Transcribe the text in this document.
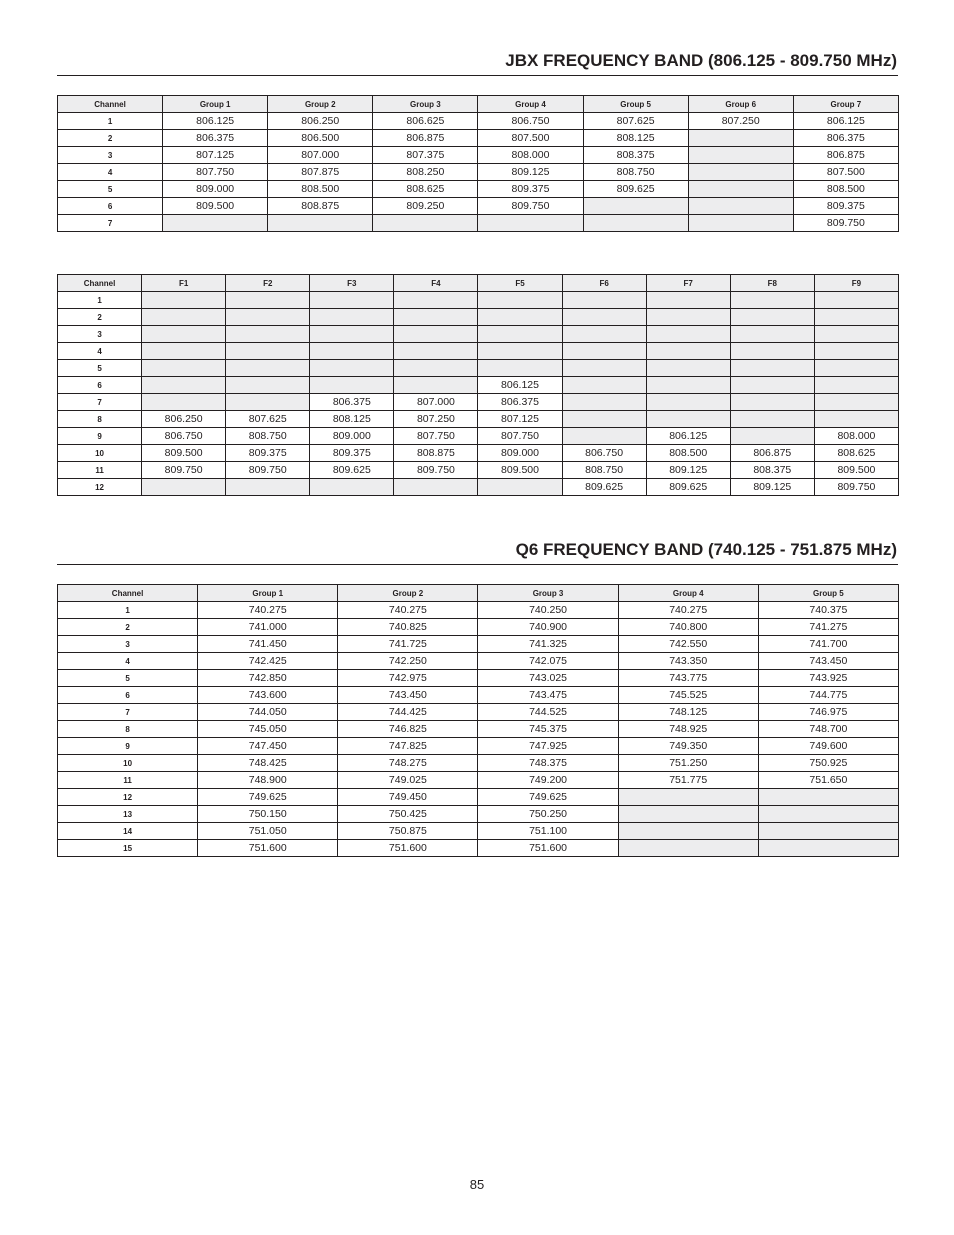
JBX FREQUENCY BAND (806.125 - 809.750 MHz)
Channel	Group 1	Group 2	Group 3	Group 4	Group 5	Group 6	Group 7
1	806.125	806.250	806.625	806.750	807.625	807.250	806.125
2	806.375	806.500	806.875	807.500	808.125		806.375
3	807.125	807.000	807.375	808.000	808.375		806.875
4	807.750	807.875	808.250	809.125	808.750		807.500
5	809.000	808.500	808.625	809.375	809.625		808.500
6	809.500	808.875	809.250	809.750			809.375
7							809.750
Channel	F1	F2	F3	F4	F5	F6	F7	F8	F9
1									
2									
3									
4									
5									
6					806.125				
7			806.375	807.000	806.375				
8	806.250	807.625	808.125	807.250	807.125				
9	806.750	808.750	809.000	807.750	807.750		806.125		808.000
10	809.500	809.375	809.375	808.875	809.000	806.750	808.500	806.875	808.625
11	809.750	809.750	809.625	809.750	809.500	808.750	809.125	808.375	809.500
12						809.625	809.625	809.125	809.750
Q6 FREQUENCY BAND (740.125 - 751.875 MHz)
Channel	Group 1	Group 2	Group 3	Group 4	Group 5
1	740.275	740.275	740.250	740.275	740.375
2	741.000	740.825	740.900	740.800	741.275
3	741.450	741.725	741.325	742.550	741.700
4	742.425	742.250	742.075	743.350	743.450
5	742.850	742.975	743.025	743.775	743.925
6	743.600	743.450	743.475	745.525	744.775
7	744.050	744.425	744.525	748.125	746.975
8	745.050	746.825	745.375	748.925	748.700
9	747.450	747.825	747.925	749.350	749.600
10	748.425	748.275	748.375	751.250	750.925
11	748.900	749.025	749.200	751.775	751.650
12	749.625	749.450	749.625		
13	750.150	750.425	750.250		
14	751.050	750.875	751.100		
15	751.600	751.600	751.600		
85
